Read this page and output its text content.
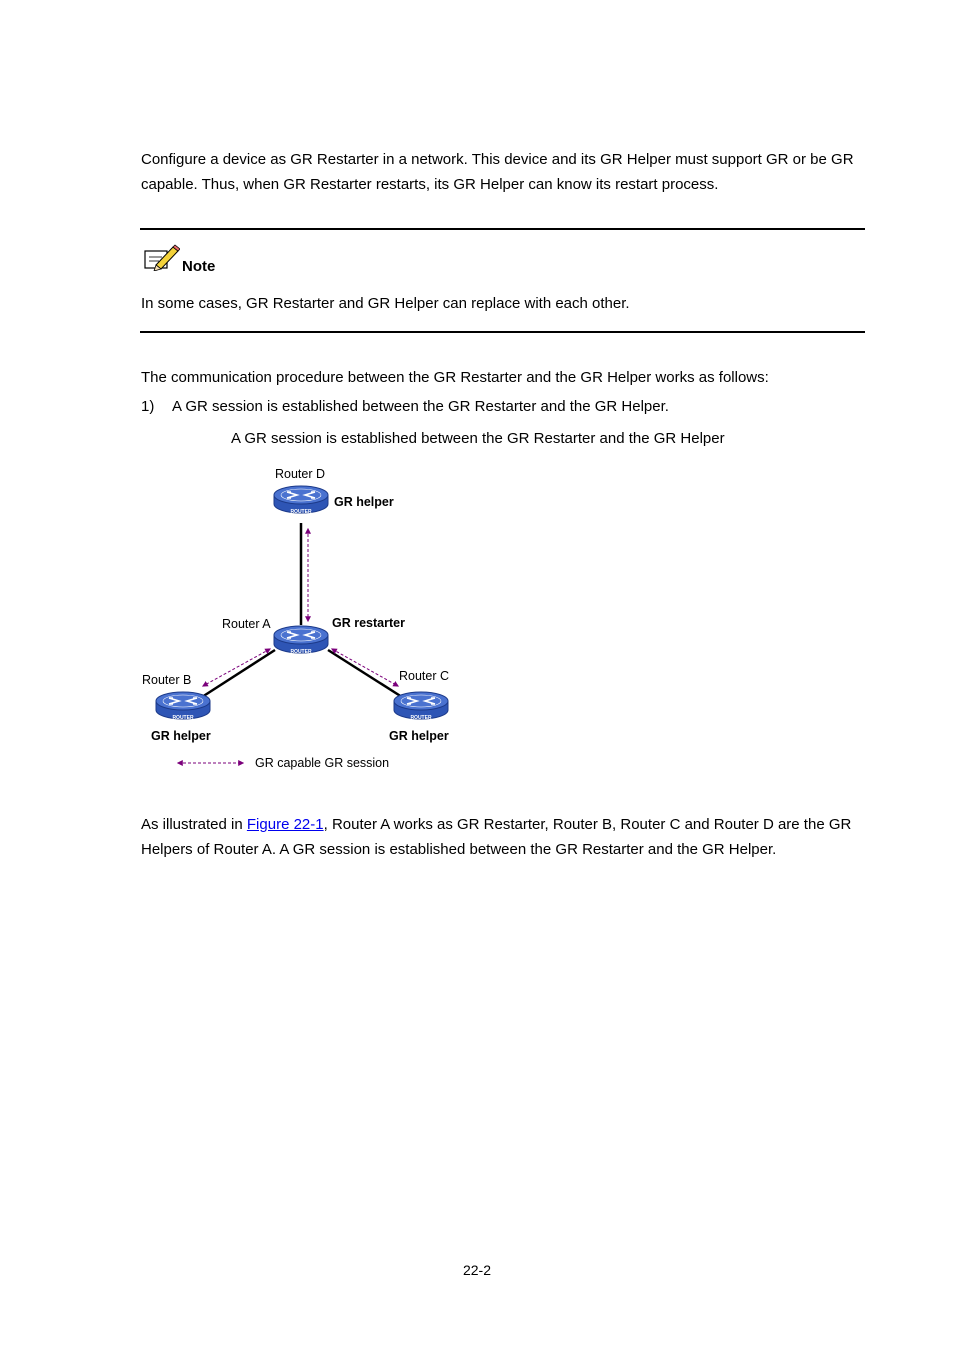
Configure a device as GR Restarter in a network. This device and its GR Helper must support GR or be GR capable. Thus, when GR Restarter restarts, its GR Helper can know its restart process.

Note

In some cases, GR Restarter and GR Helper can replace with each other.

The communication procedure between the GR Restarter and the GR Helper works as follows:

1) A GR session is established between the GR Restarter and the GR Helper.
A GR session is established between the GR Restarter and the GR Helper
ROUTER
ROUTER
ROUTER	ROUTER
Router D
GR helper
Router A	GR restarter
Router B
GR helper
Router C
GR helper
GR capable GR session

As illustrated in Figure 22-1, Router A works as GR Restarter, Router B, Router C and Router D are the GR Helpers of Router A. A GR session is established between the GR Restarter and the GR Helper.

22-2
